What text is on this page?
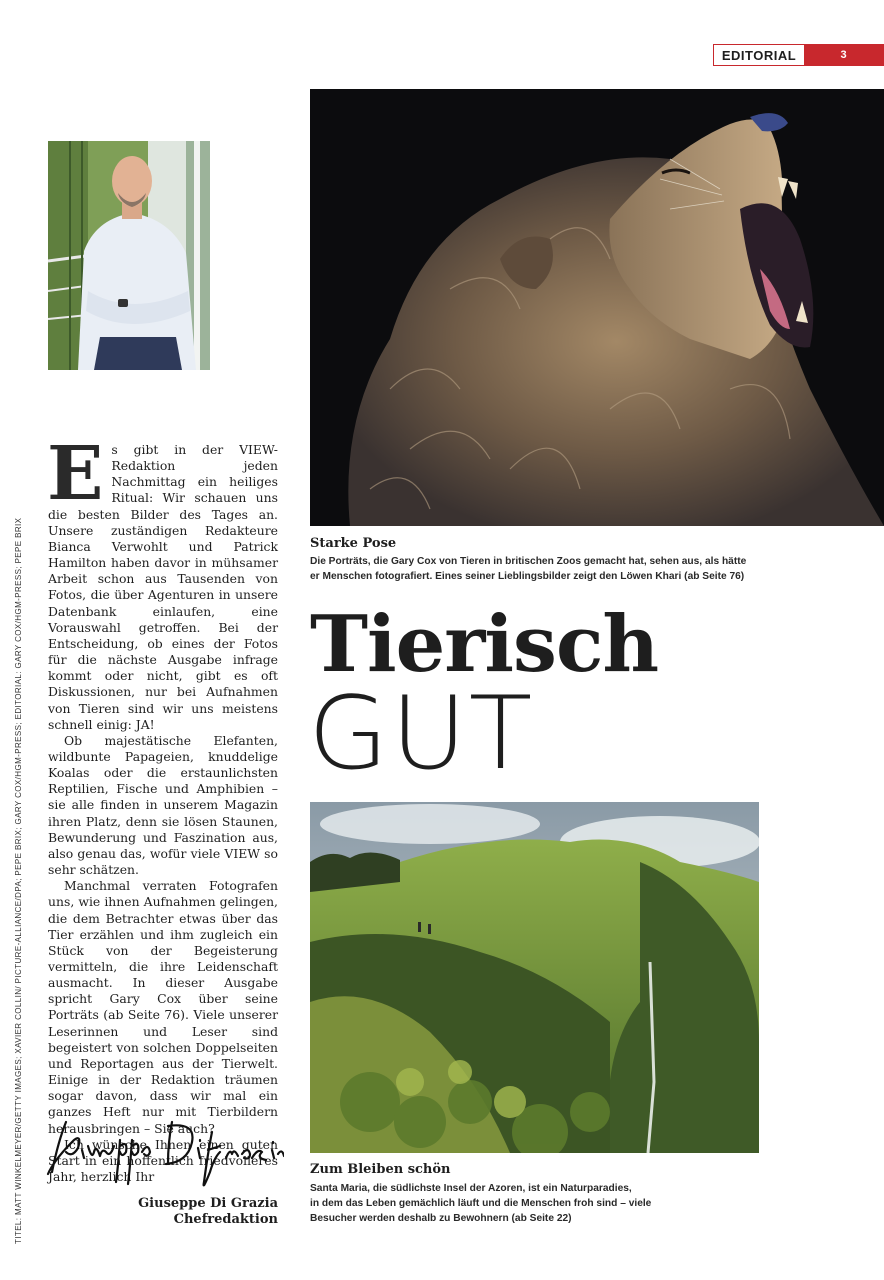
EDITORIAL	3
TITEL: MATT WINKELMEYER/GETTY IMAGES; XAVIER COLLIN/ PICTURE-ALLIANCE/DPA; PEPE BRIX; GARY COX/HGM-PRESS; EDITORIAL: GARY COX/HGM-PRESS; PEPE BRIX

Es gibt in der VIEW-Redaktion jeden Nachmittag ein heiliges Ritual: Wir schauen uns die besten Bilder des Tages an. Unsere zuständigen Redakteure Bianca Verwohlt und Patrick Hamilton haben davor in mühsamer Arbeit schon aus Tausenden von Fotos, die über Agenturen in unsere Datenbank einlaufen, eine Vorauswahl getroffen. Bei der Entscheidung, ob eines der Fotos für die nächste Ausgabe infrage kommt oder nicht, gibt es oft Diskussionen, nur bei Aufnahmen von Tieren sind wir uns meistens schnell einig: JA!

Ob majestätische Elefanten, wildbunte Papageien, knuddelige Koalas oder die erstaunlichsten Reptilien, Fische und Amphibien – sie alle finden in unserem Magazin ihren Platz, denn sie lösen Staunen, Bewunderung und Faszination aus, also genau das, wofür viele VIEW so sehr schätzen.

Manchmal verraten Fotografen uns, wie ihnen Aufnahmen gelingen, die dem Betrachter etwas über das Tier erzählen und ihm zugleich ein Stück von der Begeisterung vermitteln, die ihre Leidenschaft ausmacht. In dieser Ausgabe spricht Gary Cox über seine Porträts (ab Seite 76). Viele unserer Leserinnen und Leser sind begeistert von solchen Doppelseiten und Reportagen aus der Tierwelt. Einige in der Redaktion träumen sogar davon, dass wir mal ein ganzes Heft nur mit Tierbildern herausbringen – Sie auch?

Ich wünsche Ihnen einen guten Start in ein hoffentlich friedvolleres Jahr, herzlich Ihr

Giuseppe Di Grazia
Chefredaktion
Starke Pose
Die Porträts, die Gary Cox von Tieren in britischen Zoos gemacht hat, sehen aus, als hätte
er Menschen fotografiert. Eines seiner Lieblingsbilder zeigt den Löwen Khari (ab Seite 76)
Tierisch
GUT
Zum Bleiben schön
Santa Maria, die südlichste Insel der Azoren, ist ein Naturparadies,
in dem das Leben gemächlich läuft und die Menschen froh sind – viele
Besucher werden deshalb zu Bewohnern (ab Seite 22)
